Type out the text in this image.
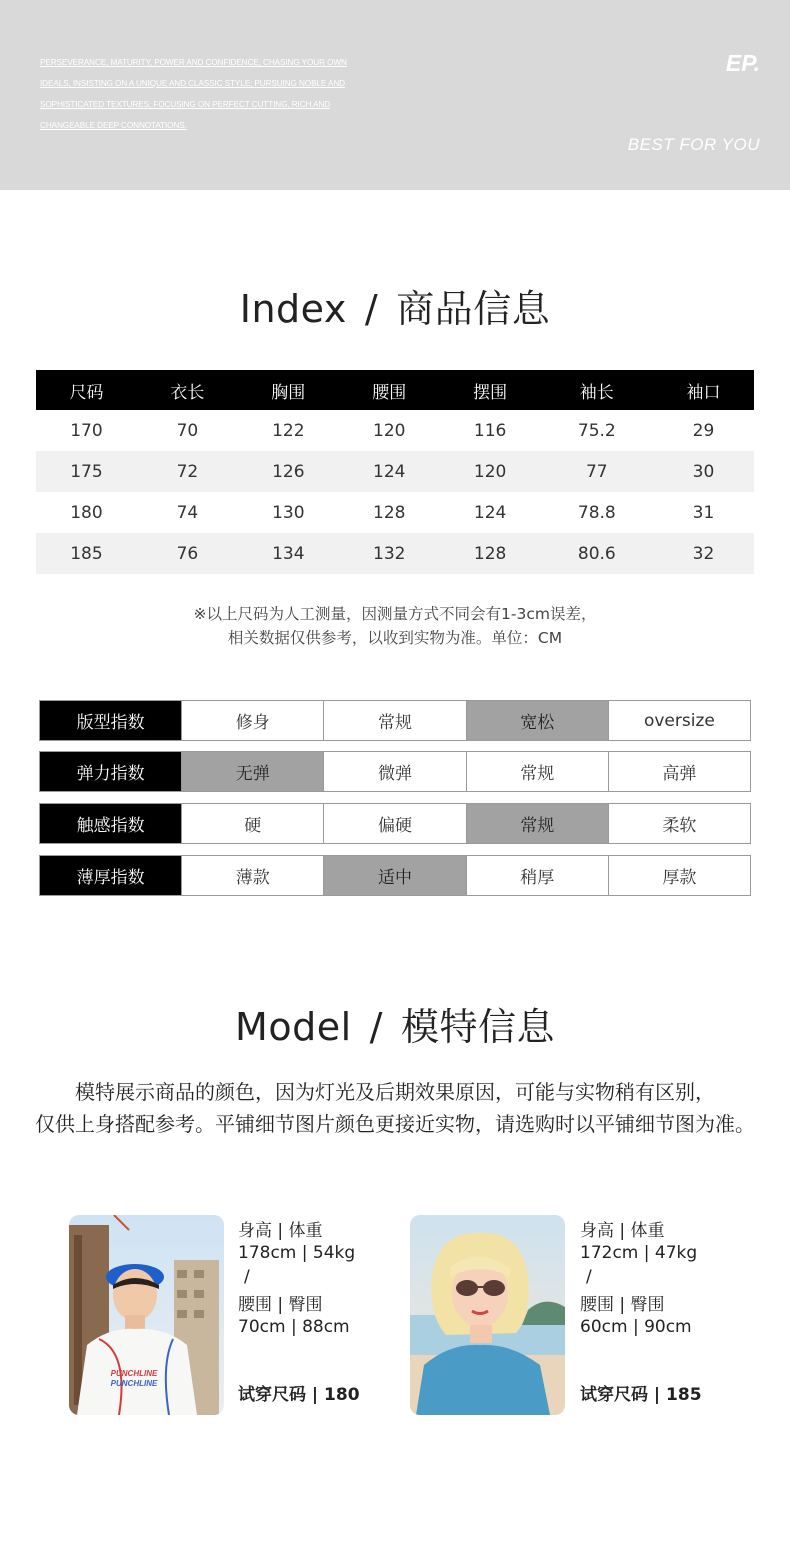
PERSEVERANCE, MATURITY, POWER AND CONFIDENCE, CHASING YOUR OWN
IDEALS, INSISTING ON A UNIQUE AND CLASSIC STYLE; PURSUING NOBLE AND
SOPHISTICATED TEXTURES; FOCUSING ON PERFECT CUTTING, RICH AND
CHANGEABLE DEEP CONNOTATIONS.
EP.
BEST FOR YOU
Index / 商品信息
尺码	衣长	胸围	腰围	摆围	袖长	袖口
170	70	122	120	116	75.2	29
175	72	126	124	120	77	30
180	74	130	128	124	78.8	31
185	76	134	132	128	80.6	32
※以上尺码为人工测量，因测量方式不同会有1-3cm误差，
相关数据仅供参考，以收到实物为准。单位：CM
版型指数	修身	常规	宽松	oversize
弹力指数	无弹	微弹	常规	高弹
触感指数	硬	偏硬	常规	柔软
薄厚指数	薄款	适中	稍厚	厚款
Model / 模特信息
模特展示商品的颜色，因为灯光及后期效果原因，可能与实物稍有区别，
仅供上身搭配参考。平铺细节图片颜色更接近实物，请选购时以平铺细节图为准。
PUNCHLINE
PUNCHLINE
身高 | 体重
178cm | 54kg
/
腰围 | 臀围
70cm | 88cm
试穿尺码 | 180
身高 | 体重
172cm | 47kg
/
腰围 | 臀围
60cm | 90cm
试穿尺码 | 185
